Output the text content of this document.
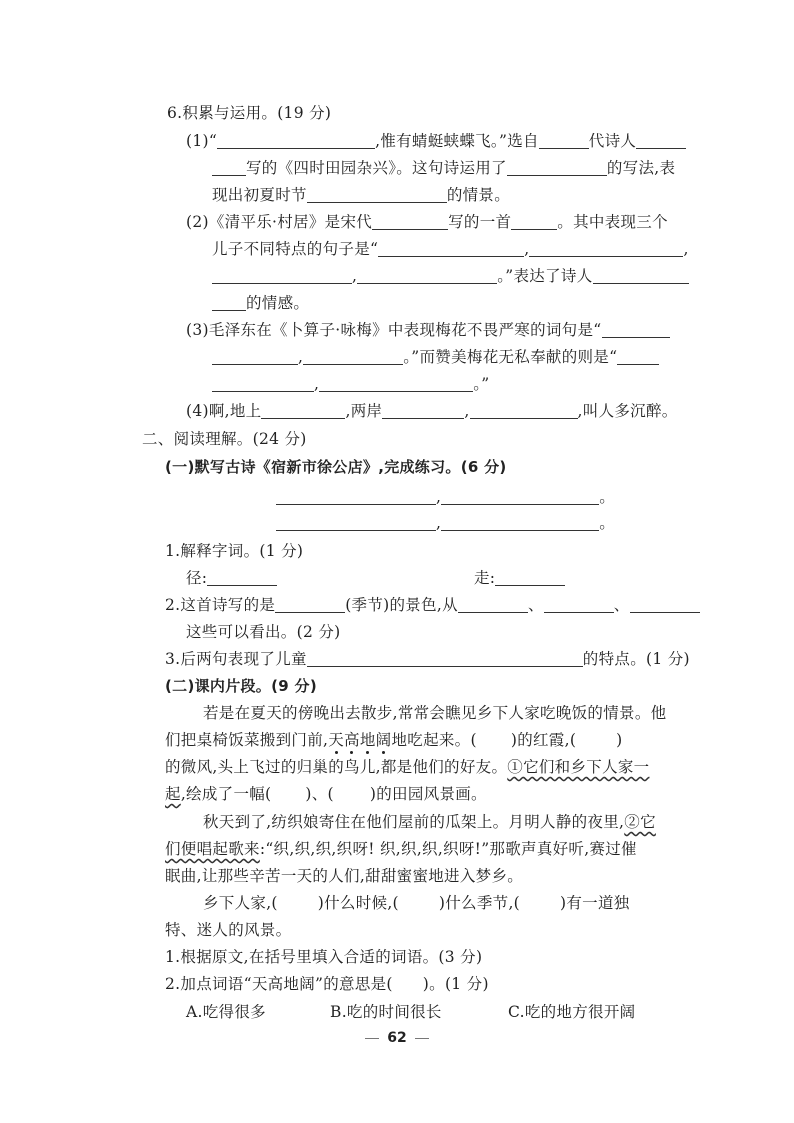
6.积累与运用。(19 分)
(1)“	,惟有蜻蜓蛱蝶飞。”选自	代诗人
写的《四时田园杂兴》。这句诗运用了	的写法,表
现出初夏时节	的情景。
(2)《清平乐·村居》是宋代	写的一首	。其中表现三个
儿子不同特点的句子是“	,	,
,	。”表达了诗人
的情感。
(3)毛泽东在《卜算子·咏梅》中表现梅花不畏严寒的词句是“
,	。”而赞美梅花无私奉献的则是“
,	。”
(4)啊,地上	,两岸	,	,叫人多沉醉。
二、阅读理解。(24 分)
(一)默写古诗《宿新市徐公店》,完成练习。(6 分)
,	。
,	。
1.解释字词。(1 分)
径:	走:
2.这首诗写的是	(季节)的景色,从	、	、
这些可以看出。(2 分)
3.后两句表现了儿童	的特点。(1 分)
(二)课内片段。(9 分)
若是在夏天的傍晚出去散步,常常会瞧见乡下人家吃晚饭的情景。他
们把桌椅饭菜搬到门前,天高地阔地吃起来。( )的红霞,(	)
的微风,头上飞过的归巢的鸟儿,都是他们的好友。①它们和乡下人家一
起,绘成了一幅( )、( )的田园风景画。
秋天到了,纺织娘寄住在他们屋前的瓜架上。月明人静的夜里,②它
们便唱起歌来:“织,织,织,织呀! 织,织,织,织呀!”那歌声真好听,赛过催
眠曲,让那些辛苦一天的人们,甜甜蜜蜜地进入梦乡。
乡下人家,(	)什么时候,(	)什么季节,(	)有一道独
特、迷人的风景。
1.根据原文,在括号里填入合适的词语。(3 分)
2.加点词语“天高地阔”的意思是( )。(1 分)
A.吃得很多	B.吃的时间很长	C.吃的地方很开阔
62
